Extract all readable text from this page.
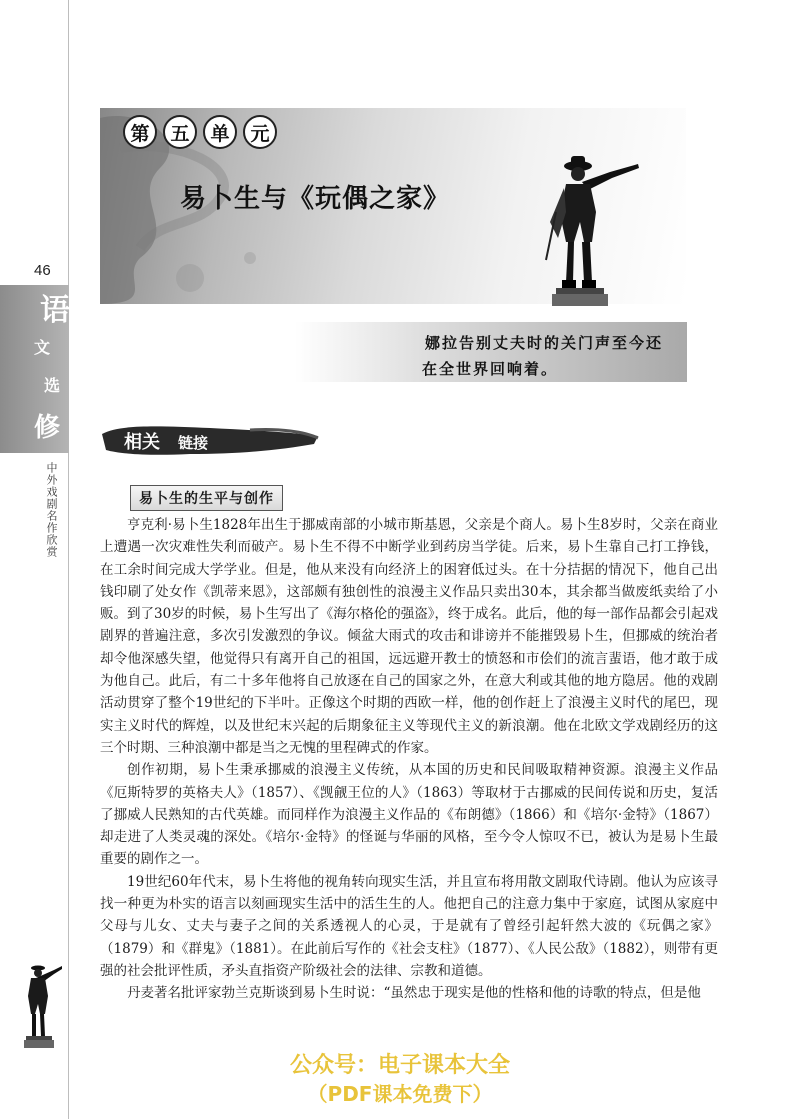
46
语
文
选
修
中外戏剧名作欣赏
第	五	单	元
易卜生与《玩偶之家》
娜拉告别丈夫时的关门声至今还
在全世界回响着。
相关 链接
易卜生的生平与创作

亨克利·易卜生1828年出生于挪威南部的小城市斯基恩，父亲是个商人。易卜生8岁时，父亲在商业上遭遇一次灾难性失利而破产。易卜生不得不中断学业到药房当学徒。后来，易卜生靠自己打工挣钱，在工余时间完成大学学业。但是，他从来没有向经济上的困窘低过头。在十分拮据的情况下，他自己出钱印刷了处女作《凯蒂来恩》，这部颇有独创性的浪漫主义作品只卖出30本，其余都当做废纸卖给了小贩。到了30岁的时候，易卜生写出了《海尔格伦的强盗》，终于成名。此后，他的每一部作品都会引起戏剧界的普遍注意，多次引发激烈的争议。倾盆大雨式的攻击和诽谤并不能摧毁易卜生，但挪威的统治者却令他深感失望，他觉得只有离开自己的祖国，远远避开教士的愤怒和市侩们的流言蜚语，他才敢于成为他自己。此后，有二十多年他将自己放逐在自己的国家之外，在意大利或其他的地方隐居。他的戏剧活动贯穿了整个19世纪的下半叶。正像这个时期的西欧一样，他的创作赶上了浪漫主义时代的尾巴，现实主义时代的辉煌，以及世纪末兴起的后期象征主义等现代主义的新浪潮。他在北欧文学戏剧经历的这三个时期、三种浪潮中都是当之无愧的里程碑式的作家。

创作初期，易卜生秉承挪威的浪漫主义传统，从本国的历史和民间吸取精神资源。浪漫主义作品《厄斯特罗的英格夫人》（1857）、《觊觎王位的人》（1863）等取材于古挪威的民间传说和历史，复活了挪威人民熟知的古代英雄。而同样作为浪漫主义作品的《布朗德》（1866）和《培尔·金特》（1867）却走进了人类灵魂的深处。《培尔·金特》的怪诞与华丽的风格，至今令人惊叹不已，被认为是易卜生最重要的剧作之一。

19世纪60年代末，易卜生将他的视角转向现实生活，并且宣布将用散文剧取代诗剧。他认为应该寻找一种更为朴实的语言以刻画现实生活中的活生生的人。他把自己的注意力集中于家庭，试图从家庭中父母与儿女、丈夫与妻子之间的关系透视人的心灵，于是就有了曾经引起轩然大波的《玩偶之家》（1879）和《群鬼》（1881）。在此前后写作的《社会支柱》（1877）、《人民公敌》（1882），则带有更强的社会批评性质，矛头直指资产阶级社会的法律、宗教和道德。

丹麦著名批评家勃兰克斯谈到易卜生时说：“虽然忠于现实是他的性格和他的诗歌的特点，但是他

公众号：电子课本大全
（PDF课本免费下）
